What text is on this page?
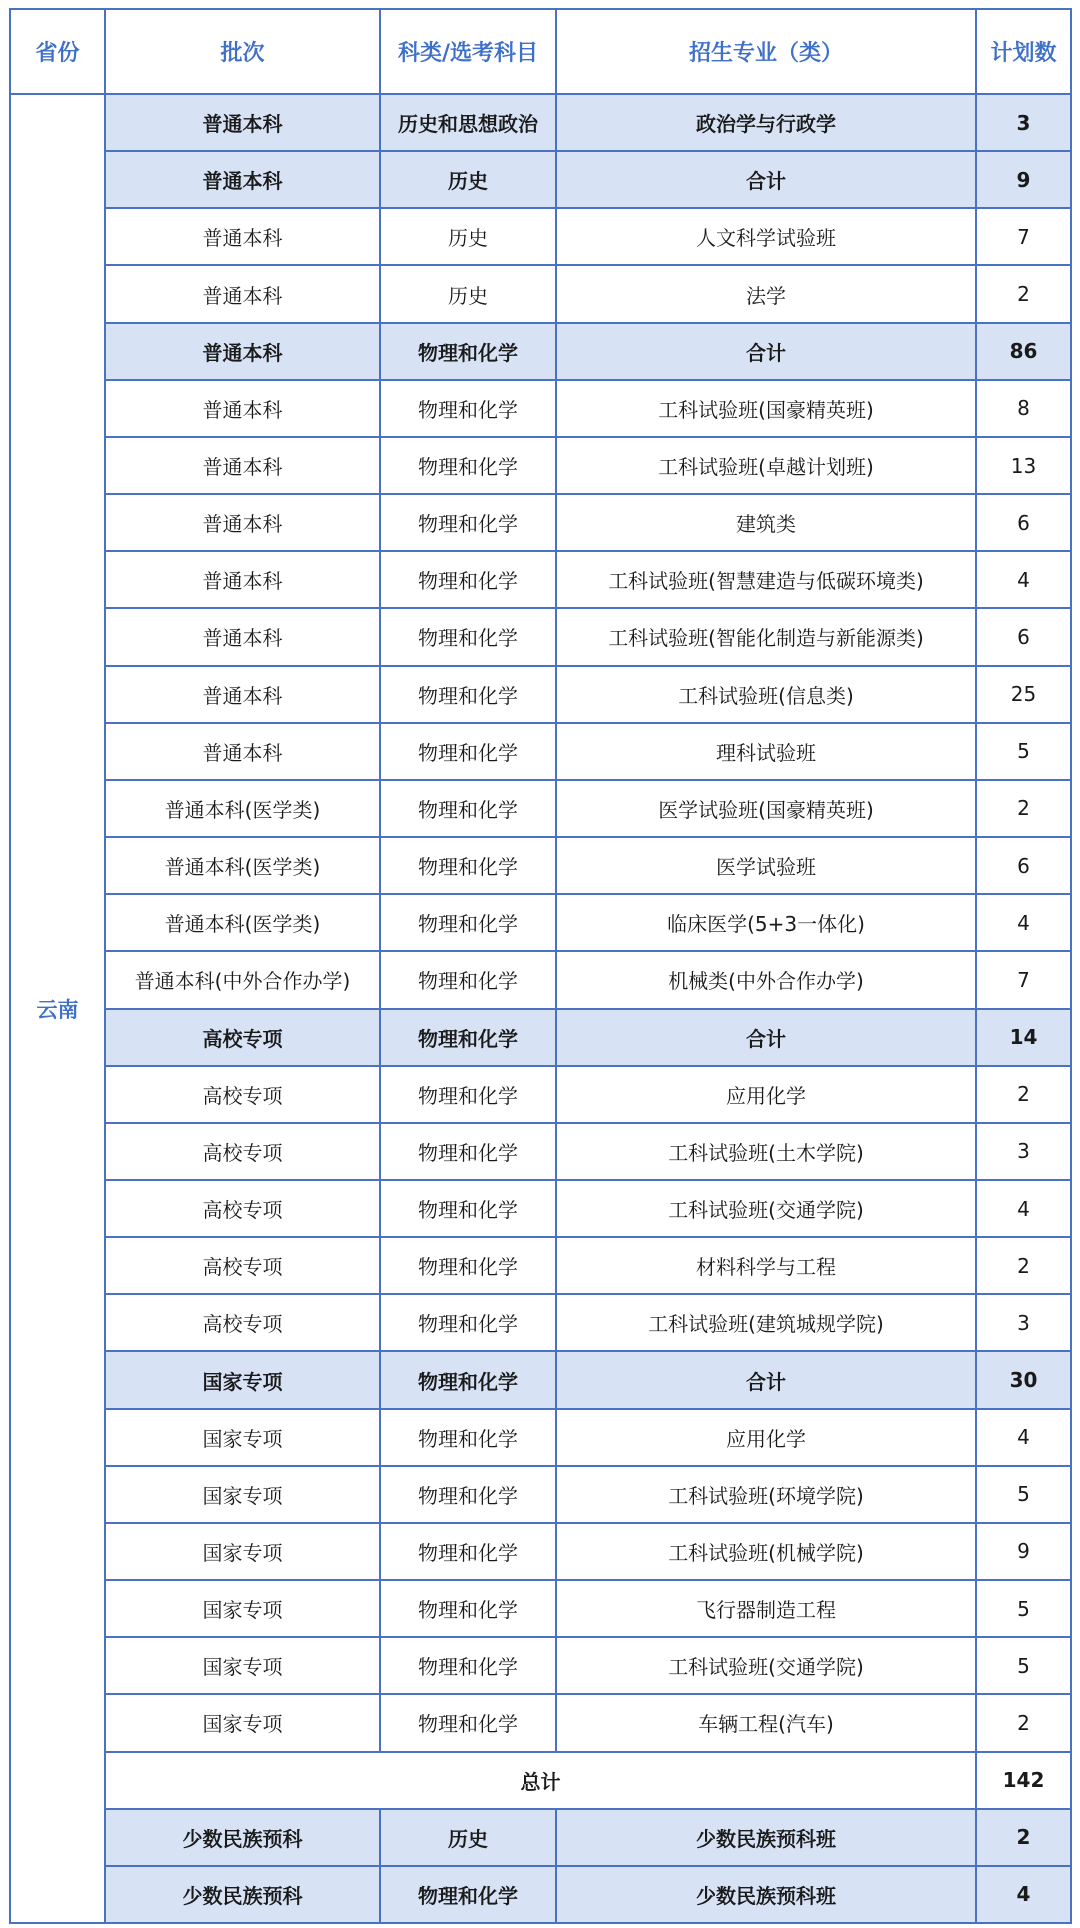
省份	批次	科类/选考科目	招生专业（类）	计划数
云南	普通本科	历史和思想政治	政治学与行政学	3
	普通本科	历史	合计	9
	普通本科	历史	人文科学试验班	7
	普通本科	历史	法学	2
	普通本科	物理和化学	合计	86
	普通本科	物理和化学	工科试验班(国豪精英班)	8
	普通本科	物理和化学	工科试验班(卓越计划班)	13
	普通本科	物理和化学	建筑类	6
	普通本科	物理和化学	工科试验班(智慧建造与低碳环境类)	4
	普通本科	物理和化学	工科试验班(智能化制造与新能源类)	6
	普通本科	物理和化学	工科试验班(信息类)	25
	普通本科	物理和化学	理科试验班	5
	普通本科(医学类)	物理和化学	医学试验班(国豪精英班)	2
	普通本科(医学类)	物理和化学	医学试验班	6
	普通本科(医学类)	物理和化学	临床医学(5+3一体化)	4
	普通本科(中外合作办学)	物理和化学	机械类(中外合作办学)	7
	高校专项	物理和化学	合计	14
	高校专项	物理和化学	应用化学	2
	高校专项	物理和化学	工科试验班(土木学院)	3
	高校专项	物理和化学	工科试验班(交通学院)	4
	高校专项	物理和化学	材料科学与工程	2
	高校专项	物理和化学	工科试验班(建筑城规学院)	3
	国家专项	物理和化学	合计	30
	国家专项	物理和化学	应用化学	4
	国家专项	物理和化学	工科试验班(环境学院)	5
	国家专项	物理和化学	工科试验班(机械学院)	9
	国家专项	物理和化学	飞行器制造工程	5
	国家专项	物理和化学	工科试验班(交通学院)	5
	国家专项	物理和化学	车辆工程(汽车)	2
	总计			142
	少数民族预科	历史	少数民族预科班	2
	少数民族预科	物理和化学	少数民族预科班	4
